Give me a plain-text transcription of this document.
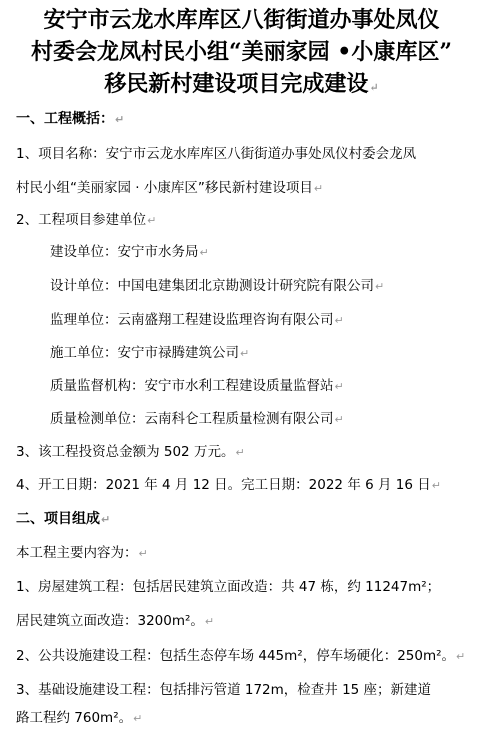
安宁市云龙水库库区八街街道办事处凤仪
村委会龙凤村民小组“美丽家园 •小康库区”
移民新村建设项目完成建设↵
一、工程概括：↵
1、项目名称：安宁市云龙水库库区八街街道办事处凤仪村委会龙凤
村民小组“美丽家园 · 小康库区”移民新村建设项目↵
2、工程项目参建单位↵
建设单位：安宁市水务局↵
设计单位：中国电建集团北京勘测设计研究院有限公司↵
监理单位：云南盛翔工程建设监理咨询有限公司↵
施工单位：安宁市禄腾建筑公司↵
质量监督机构：安宁市水利工程建设质量监督站↵
质量检测单位：云南科仑工程质量检测有限公司↵
3、该工程投资总金额为 502 万元。↵
4、开工日期：2021 年 4 月 12 日。完工日期：2022 年 6 月 16 日↵
二、项目组成↵
本工程主要内容为：↵
1、房屋建筑工程：包括居民建筑立面改造：共 47 栋，约 11247m²；
居民建筑立面改造：3200m²。↵
2、公共设施建设工程：包括生态停车场 445m²，停车场硬化：250m²。↵
3、基础设施建设工程：包括排污管道 172m，检查井 15 座；新建道
路工程约 760m²。↵
